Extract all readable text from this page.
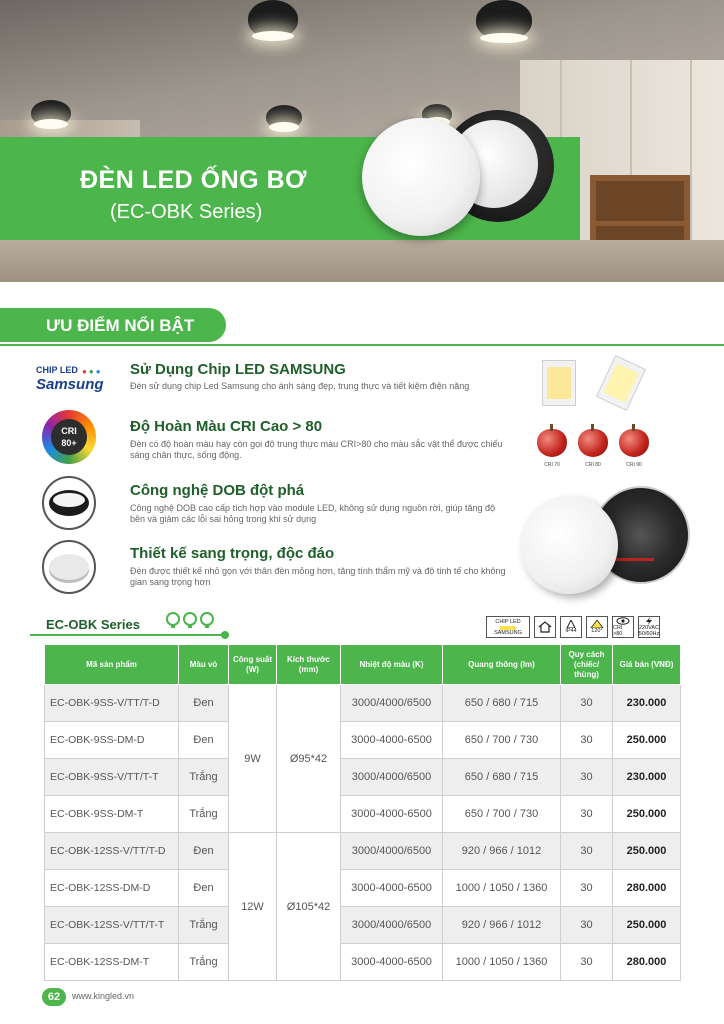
ĐÈN LED ỐNG BƠ
(EC-OBK Series)
ƯU ĐIỂM NỔI BẬT
CHIP LED ●●●
Samsung
Sử Dụng Chip LED SAMSUNG
Đèn sử dụng chip Led Samsung cho ánh sáng đẹp, trung thực và tiết kiệm điện năng
CRI
80+
Độ Hoàn Màu CRI Cao > 80
Đèn có độ hoàn màu hay còn gọi độ trung thực màu CRI>80 cho màu sắc vật thể được chiếu sáng chân thực, sống động.
CRI 70	CRI 80	CRI 90
Công nghệ DOB đột phá
Công nghệ DOB cao cấp tích hợp vào module LED, không sử dụng nguồn rời, giúp tăng độ bền và giảm các lỗi sai hỏng trong khi sử dụng
Thiết kế sang trọng, độc đáo
Đèn được thiết kế nhỏ gọn với thân đèn mỏng hơn, tăng tính thẩm mỹ và độ tinh tế cho không gian sang trọng hơn
EC-OBK Series	CHIP LED
SAMSUNG	IP44	120° CRI >80
220VAC
50/60Hz
Mã sản phẩm	Màu vỏ	Công suất (W)	Kích thước (mm)	Nhiệt độ màu (K)	Quang thông (lm)	Quy cách (chiếc/ thùng)	Giá bán (VNĐ)
EC-OBK-9SS-V/TT/T-D	Đen	9W	Ø95*42	3000/4000/6500	650 / 680 / 715	30	230.000
EC-OBK-9SS-DM-D	Đen			3000-4000-6500	650 / 700 / 730	30	250.000
EC-OBK-9SS-V/TT/T-T	Trắng			3000/4000/6500	650 / 680 / 715	30	230.000
EC-OBK-9SS-DM-T	Trắng			3000-4000-6500	650 / 700 / 730	30	250.000
EC-OBK-12SS-V/TT/T-D	Đen	12W	Ø105*42	3000/4000/6500	920 / 966 / 1012	30	250.000
EC-OBK-12SS-DM-D	Đen			3000-4000-6500	1000 / 1050 / 1360	30	280.000
EC-OBK-12SS-V/TT/T-T	Trắng			3000/4000/6500	920 / 966 / 1012	30	250.000
EC-OBK-12SS-DM-T	Trắng			3000-4000-6500	1000 / 1050 / 1360	30	280.000
62	www.kingled.vn
